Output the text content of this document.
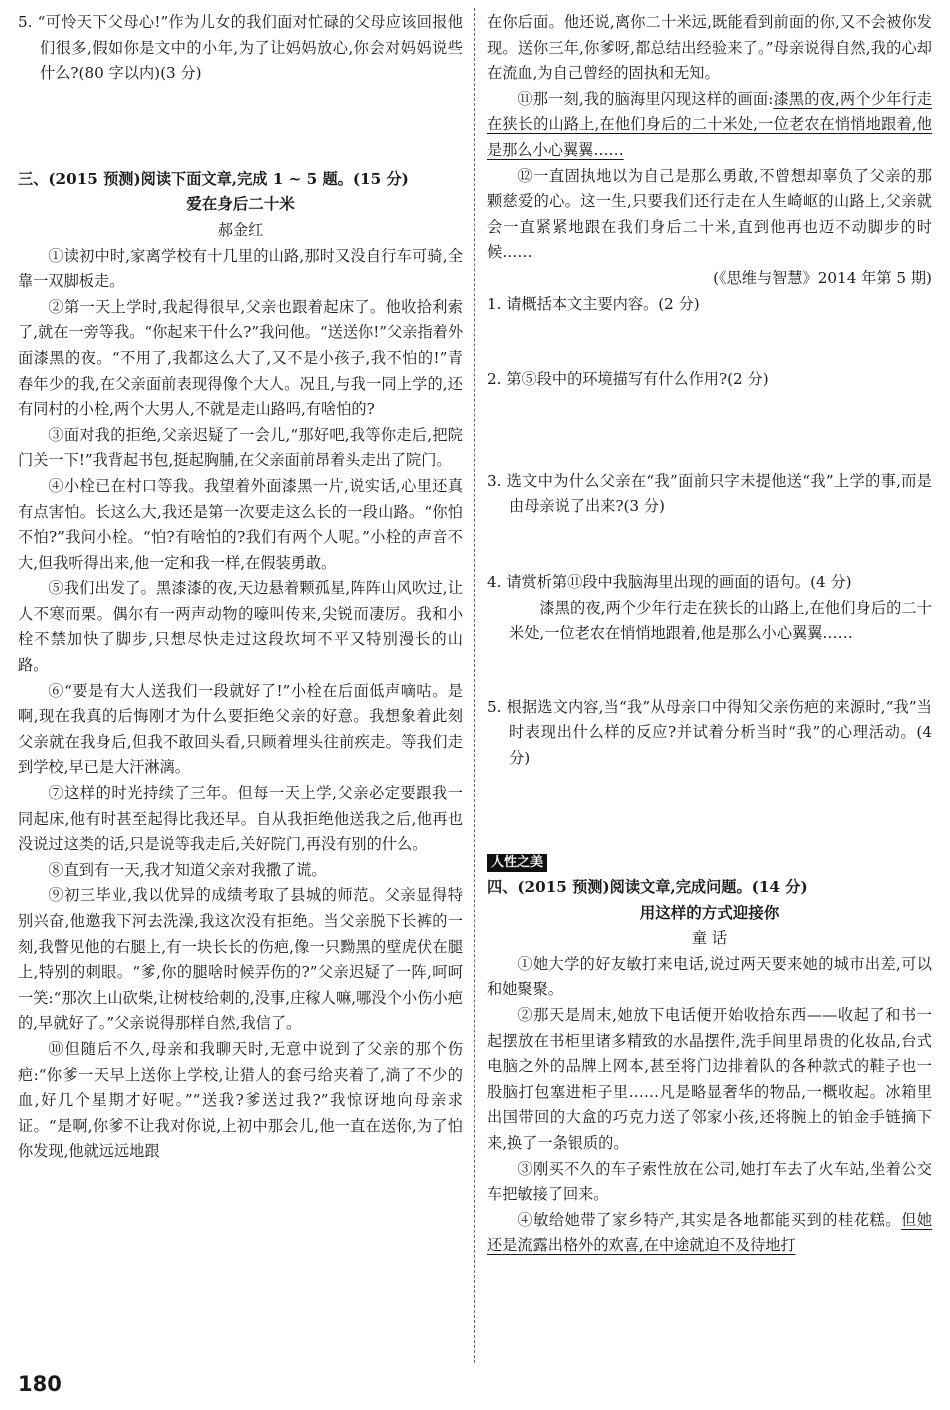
5. “可怜天下父母心!”作为儿女的我们面对忙碌的父母应该回报他们很多,假如你是文中的小年,为了让妈妈放心,你会对妈妈说些什么?(80 字以内)(3 分)

三、(2015 预测)阅读下面文章,完成 1 ~ 5 题。(15 分)

爱在身后二十米

郝金红

①读初中时,家离学校有十几里的山路,那时又没自行车可骑,全靠一双脚板走。

②第一天上学时,我起得很早,父亲也跟着起床了。他收拾利索了,就在一旁等我。“你起来干什么?”我问他。“送送你!”父亲指着外面漆黑的夜。“不用了,我都这么大了,又不是小孩子,我不怕的!”青春年少的我,在父亲面前表现得像个大人。况且,与我一同上学的,还有同村的小栓,两个大男人,不就是走山路吗,有啥怕的?

③面对我的拒绝,父亲迟疑了一会儿,“那好吧,我等你走后,把院门关一下!”我背起书包,挺起胸脯,在父亲面前昂着头走出了院门。

④小栓已在村口等我。我望着外面漆黑一片,说实话,心里还真有点害怕。长这么大,我还是第一次要走这么长的一段山路。“你怕不怕?”我问小栓。“怕?有啥怕的?我们有两个人呢。”小栓的声音不大,但我听得出来,他一定和我一样,在假装勇敢。

⑤我们出发了。黑漆漆的夜,天边悬着颗孤星,阵阵山风吹过,让人不寒而栗。偶尔有一两声动物的嚎叫传来,尖锐而凄厉。我和小栓不禁加快了脚步,只想尽快走过这段坎坷不平又特别漫长的山路。

⑥“要是有大人送我们一段就好了!”小栓在后面低声嘀咕。是啊,现在我真的后悔刚才为什么要拒绝父亲的好意。我想象着此刻父亲就在我身后,但我不敢回头看,只顾着埋头往前疾走。等我们走到学校,早已是大汗淋漓。

⑦这样的时光持续了三年。但每一天上学,父亲必定要跟我一同起床,他有时甚至起得比我还早。自从我拒绝他送我之后,他再也没说过这类的话,只是说等我走后,关好院门,再没有别的什么。

⑧直到有一天,我才知道父亲对我撒了谎。

⑨初三毕业,我以优异的成绩考取了县城的师范。父亲显得特别兴奋,他邀我下河去洗澡,我这次没有拒绝。当父亲脱下长裤的一刻,我瞥见他的右腿上,有一块长长的伤疤,像一只黝黑的壁虎伏在腿上,特别的刺眼。“爹,你的腿啥时候弄伤的?”父亲迟疑了一阵,呵呵一笑:“那次上山砍柴,让树枝给刺的,没事,庄稼人嘛,哪没个小伤小疤的,早就好了。”父亲说得那样自然,我信了。

⑩但随后不久,母亲和我聊天时,无意中说到了父亲的那个伤疤:“你爹一天早上送你上学校,让猎人的套弓给夹着了,淌了不少的血,好几个星期才好呢。”“送我?爹送过我?”我惊讶地向母亲求证。“是啊,你爹不让我对你说,上初中那会儿,他一直在送你,为了怕你发现,他就远远地跟

在你后面。他还说,离你二十米远,既能看到前面的你,又不会被你发现。送你三年,你爹呀,都总结出经验来了。”母亲说得自然,我的心却在流血,为自己曾经的固执和无知。

⑪那一刻,我的脑海里闪现这样的画面:漆黑的夜,两个少年行走在狭长的山路上,在他们身后的二十米处,一位老农在悄悄地跟着,他是那么小心翼翼……

⑫一直固执地以为自己是那么勇敢,不曾想却辜负了父亲的那颗慈爱的心。这一生,只要我们还行走在人生崎岖的山路上,父亲就会一直紧紧地跟在我们身后二十米,直到他再也迈不动脚步的时候……

(《思维与智慧》2014 年第 5 期)

1. 请概括本文主要内容。(2 分)

2. 第⑤段中的环境描写有什么作用?(2 分)

3. 选文中为什么父亲在“我”面前只字未提他送“我”上学的事,而是由母亲说了出来?(3 分)

4. 请赏析第⑪段中我脑海里出现的画面的语句。(4 分)

漆黑的夜,两个少年行走在狭长的山路上,在他们身后的二十米处,一位老农在悄悄地跟着,他是那么小心翼翼……

5. 根据选文内容,当“我”从母亲口中得知父亲伤疤的来源时,“我”当时表现出什么样的反应?并试着分析当时“我”的心理活动。(4 分)

人性之美

四、(2015 预测)阅读文章,完成问题。(14 分)

用这样的方式迎接你

童 话

①她大学的好友敏打来电话,说过两天要来她的城市出差,可以和她聚聚。

②那天是周末,她放下电话便开始收拾东西——收起了和书一起摆放在书柜里诸多精致的水晶摆件,洗手间里昂贵的化妆品,台式电脑之外的品牌上网本,甚至将门边排着队的各种款式的鞋子也一股脑打包塞进柜子里……凡是略显奢华的物品,一概收起。冰箱里出国带回的大盒的巧克力送了邻家小孩,还将腕上的铂金手链摘下来,换了一条银质的。

③刚买不久的车子索性放在公司,她打车去了火车站,坐着公交车把敏接了回来。

④敏给她带了家乡特产,其实是各地都能买到的桂花糕。但她还是流露出格外的欢喜,在中途就迫不及待地打

180
